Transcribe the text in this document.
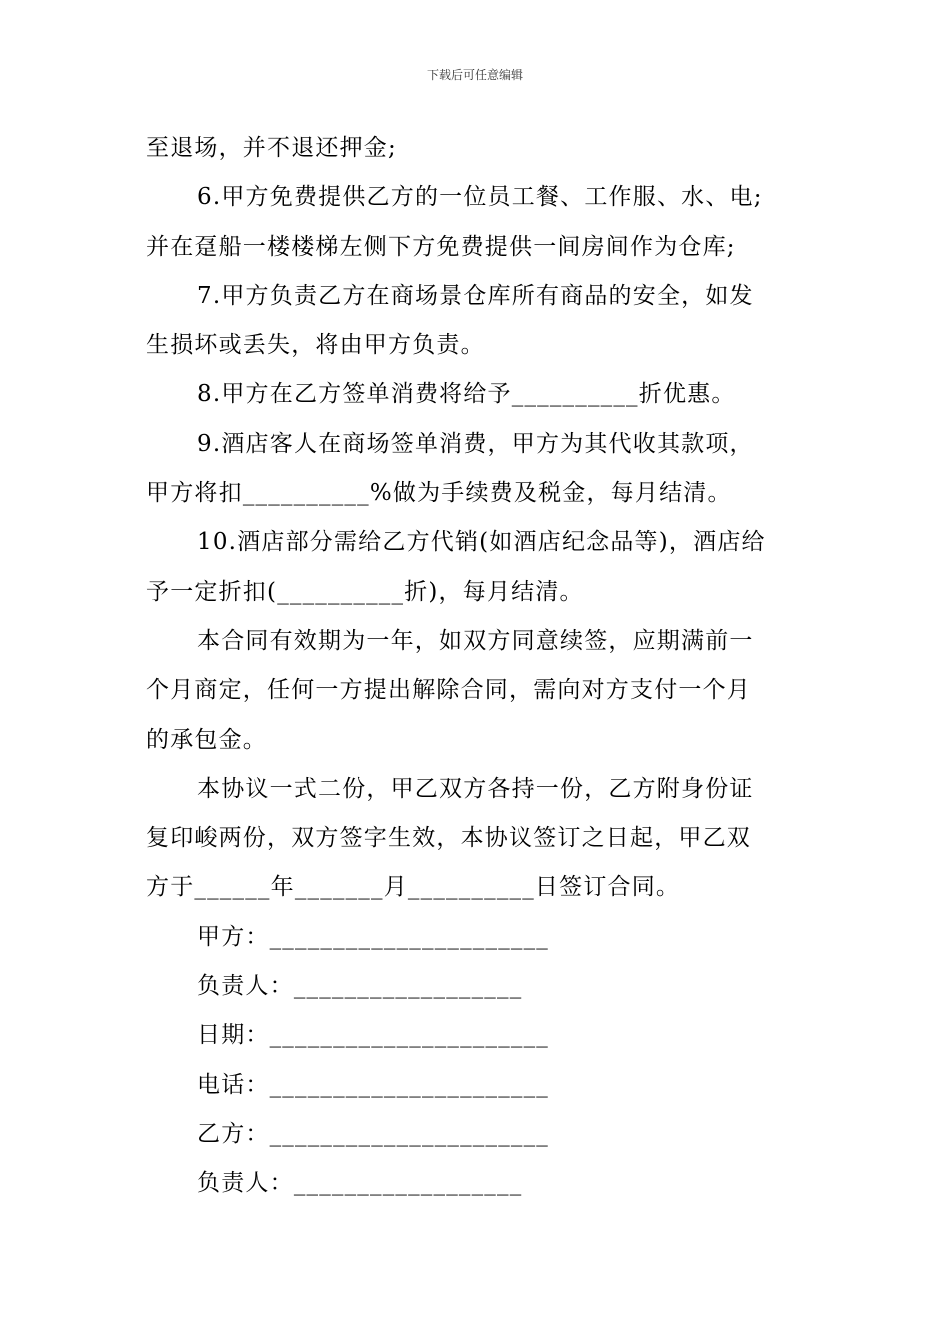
下载后可任意编辑

至退场，并不退还押金;

6.甲方免费提供乙方的一位员工餐、工作服、水、电;
并在趸船一楼楼梯左侧下方免费提供一间房间作为仓库;

7.甲方负责乙方在商场景仓库所有商品的安全，如发
生损坏或丢失，将由甲方负责。

8.甲方在乙方签单消费将给予__________折优惠。

9.酒店客人在商场签单消费，甲方为其代收其款项，
甲方将扣__________%做为手续费及税金，每月结清。

10.酒店部分需给乙方代销(如酒店纪念品等)，酒店给
予一定折扣(__________折)，每月结清。

本合同有效期为一年，如双方同意续签，应期满前一
个月商定，任何一方提出解除合同，需向对方支付一个月
的承包金。

本协议一式二份，甲乙双方各持一份，乙方附身份证
复印峻两份，双方签字生效，本协议签订之日起，甲乙双
方于______年_______月__________日签订合同。

甲方：______________________
负责人：__________________
日期：______________________
电话：______________________
乙方：______________________
负责人：__________________
